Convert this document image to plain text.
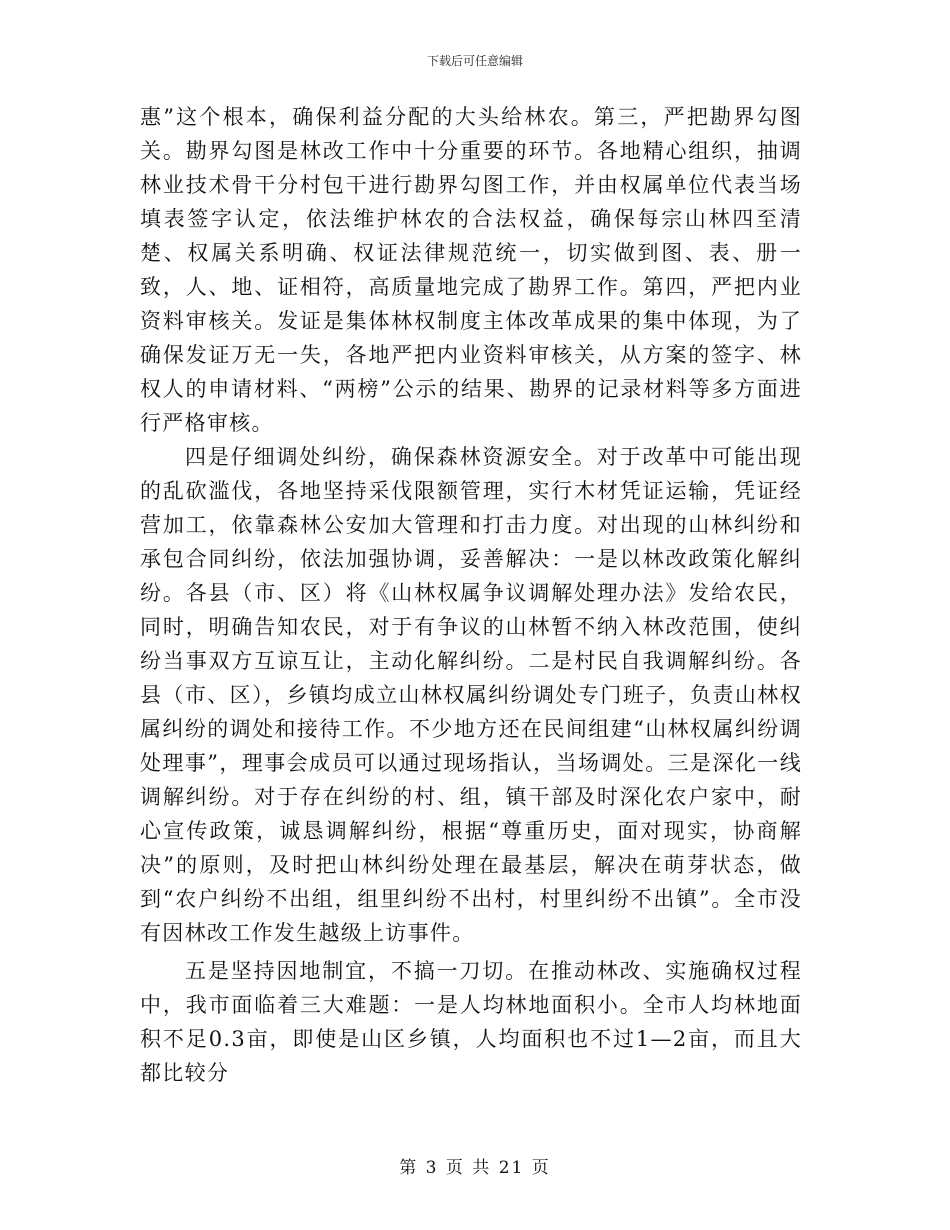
下载后可任意编辑

惠”这个根本，确保利益分配的大头给林农。第三，严把勘界勾图关。勘界勾图是林改工作中十分重要的环节。各地精心组织，抽调林业技术骨干分村包干进行勘界勾图工作，并由权属单位代表当场填表签字认定，依法维护林农的合法权益，确保每宗山林四至清楚、权属关系明确、权证法律规范统一，切实做到图、表、册一致，人、地、证相符，高质量地完成了勘界工作。第四，严把内业资料审核关。发证是集体林权制度主体改革成果的集中体现，为了确保发证万无一失，各地严把内业资料审核关，从方案的签字、林权人的申请材料、“两榜”公示的结果、勘界的记录材料等多方面进行严格审核。

四是仔细调处纠纷，确保森林资源安全。对于改革中可能出现的乱砍滥伐，各地坚持采伐限额管理，实行木材凭证运输，凭证经营加工，依靠森林公安加大管理和打击力度。对出现的山林纠纷和承包合同纠纷，依法加强协调，妥善解决：一是以林改政策化解纠纷。各县（市、区）将《山林权属争议调解处理办法》发给农民，同时，明确告知农民，对于有争议的山林暂不纳入林改范围，使纠纷当事双方互谅互让，主动化解纠纷。二是村民自我调解纠纷。各县（市、区），乡镇均成立山林权属纠纷调处专门班子，负责山林权属纠纷的调处和接待工作。不少地方还在民间组建“山林权属纠纷调处理事”，理事会成员可以通过现场指认，当场调处。三是深化一线调解纠纷。对于存在纠纷的村、组，镇干部及时深化农户家中，耐心宣传政策，诚恳调解纠纷，根据“尊重历史，面对现实，协商解决”的原则，及时把山林纠纷处理在最基层，解决在萌芽状态，做到“农户纠纷不出组，组里纠纷不出村，村里纠纷不出镇”。全市没有因林改工作发生越级上访事件。

五是坚持因地制宜，不搞一刀切。在推动林改、实施确权过程中，我市面临着三大难题：一是人均林地面积小。全市人均林地面积不足0.3亩，即使是山区乡镇，人均面积也不过1—2亩，而且大都比较分

第 3 页 共 21 页
